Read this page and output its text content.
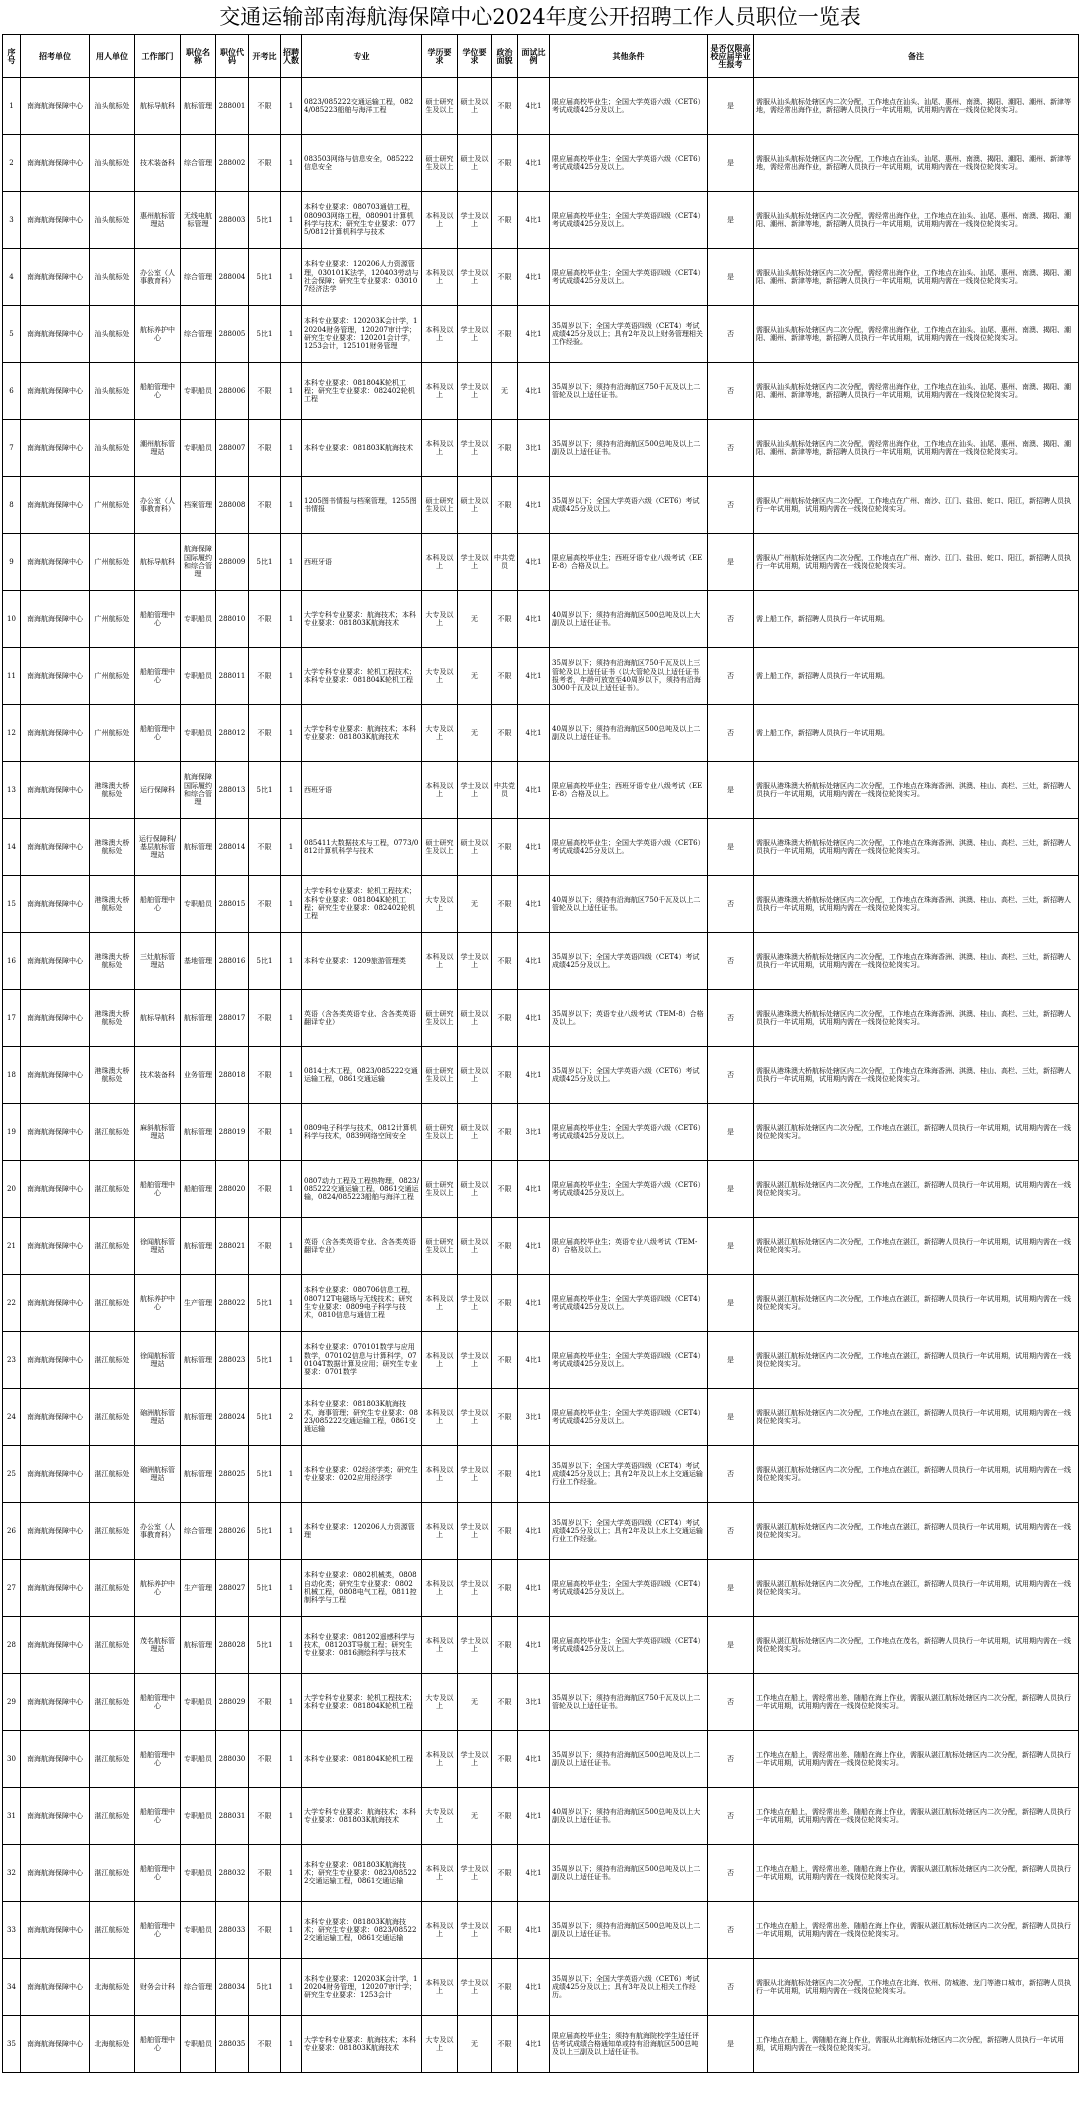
交通运输部南海航海保障中心2024年度公开招聘工作人员职位一览表
序号	招考单位	用人单位	工作部门	职位名称	职位代码	开考比	招聘人数	专业	学历要求	学位要求	政治面貌	面试比例	其他条件	是否仅限高校应届毕业生报考	备注
1	南海航海保障中心	汕头航标处	航标导航科	航标管理	288001	不限	1	0823/085222交通运输工程，0824/085223船舶与海洋工程	硕士研究生及以上	硕士及以上	不限	4比1	限应届高校毕业生；全国大学英语六级（CET6）考试成绩425分及以上。	是	需服从汕头航标处辖区内二次分配，工作地点在汕头、汕尾、惠州、南澳、揭阳、潮阳、潮州、新津等地，需经常出海作业，新招聘人员执行一年试用期，试用期内需在一线岗位轮岗实习。
2	南海航海保障中心	汕头航标处	技术装备科	综合管理	288002	不限	1	083503网络与信息安全，085222信息安全	硕士研究生及以上	硕士及以上	不限	4比1	限应届高校毕业生；全国大学英语六级（CET6）考试成绩425分及以上。	是	需服从汕头航标处辖区内二次分配，工作地点在汕头、汕尾、惠州、南澳、揭阳、潮阳、潮州、新津等地，需经常出海作业，新招聘人员执行一年试用期，试用期内需在一线岗位轮岗实习。
3	南海航海保障中心	汕头航标处	惠州航标管理站	无线电航标管理	288003	5比1	1	本科专业要求：080703通信工程，080903网络工程，080901计算机科学与技术；研究生专业要求：0775/0812计算机科学与技术	本科及以上	学士及以上	不限	4比1	限应届高校毕业生；全国大学英语四级（CET4）考试成绩425分及以上。	是	需服从汕头航标处辖区内二次分配，需经常出海作业，工作地点在汕头、汕尾、惠州、南澳、揭阳、潮阳、潮州、新津等地，新招聘人员执行一年试用期，试用期内需在一线岗位轮岗实习。
4	南海航海保障中心	汕头航标处	办公室（人事教育科）	综合管理	288004	5比1	1	本科专业要求：120206人力资源管理，030101K法学，120403劳动与社会保障；研究生专业要求：030107经济法学	本科及以上	学士及以上	不限	4比1	限应届高校毕业生；全国大学英语四级（CET4）考试成绩425分及以上。	是	需服从汕头航标处辖区内二次分配，需经常出海作业，工作地点在汕头、汕尾、惠州、南澳、揭阳、潮阳、潮州、新津等地，新招聘人员执行一年试用期，试用期内需在一线岗位轮岗实习。
5	南海航海保障中心	汕头航标处	航标养护中心	综合管理	288005	5比1	1	本科专业要求：120203K会计学，120204财务管理，120207审计学；研究生专业要求：120201会计学，1253会计，125101财务管理	本科及以上	学士及以上	不限	4比1	35周岁以下；全国大学英语四级（CET4）考试成绩425分及以上；具有2年及以上财务管理相关工作经验。	否	需服从汕头航标处辖区内二次分配，需经常出海作业，工作地点在汕头、汕尾、惠州、南澳、揭阳、潮阳、潮州、新津等地，新招聘人员执行一年试用期，试用期内需在一线岗位轮岗实习。
6	南海航海保障中心	汕头航标处	船舶管理中心	专职船员	288006	不限	1	本科专业要求：081804K轮机工程；研究生专业要求：082402轮机工程	本科及以上	学士及以上	无	4比1	35周岁以下；须持有沿海航区750千瓦及以上二管轮及以上适任证书。	否	需服从汕头航标处辖区内二次分配，需经常出海作业，工作地点在汕头、汕尾、惠州、南澳、揭阳、潮阳、潮州、新津等地，新招聘人员执行一年试用期，试用期内需在一线岗位轮岗实习。
7	南海航海保障中心	汕头航标处	潮州航标管理站	专职船员	288007	不限	1	本科专业要求：081803K航海技术	本科及以上	学士及以上	不限	3比1	35周岁以下；须持有沿海航区500总吨及以上二副及以上适任证书。	否	需服从汕头航标处辖区内二次分配，需经常出海作业，工作地点在汕头、汕尾、惠州、南澳、揭阳、潮阳、潮州、新津等地，新招聘人员执行一年试用期，试用期内需在一线岗位轮岗实习。
8	南海航海保障中心	广州航标处	办公室（人事教育科）	档案管理	288008	不限	1	1205图书情报与档案管理，1255图书情报	硕士研究生及以上	硕士及以上	不限	4比1	35周岁以下；全国大学英语六级（CET6）考试成绩425分及以上。	否	需服从广州航标处辖区内二次分配，工作地点在广州、南沙、江门、盐田、蛇口、阳江，新招聘人员执行一年试用期，试用期内需在一线岗位轮岗实习。
9	南海航海保障中心	广州航标处	航标导航科	航海保障国际履约和综合管理	288009	5比1	1	西班牙语	本科及以上	学士及以上	中共党员	4比1	限应届高校毕业生；西班牙语专业八级考试（EEE-8）合格及以上。	是	需服从广州航标处辖区内二次分配，工作地点在广州、南沙、江门、盐田、蛇口、阳江，新招聘人员执行一年试用期，试用期内需在一线岗位轮岗实习。
10	南海航海保障中心	广州航标处	船舶管理中心	专职船员	288010	不限	1	大学专科专业要求：航海技术；本科专业要求：081803K航海技术	大专及以上	无	不限	4比1	40周岁以下；须持有沿海航区500总吨及以上大副及以上适任证书。	否	需上船工作，新招聘人员执行一年试用期。
11	南海航海保障中心	广州航标处	船舶管理中心	专职船员	288011	不限	1	大学专科专业要求：轮机工程技术；本科专业要求：081804K轮机工程	大专及以上	无	不限	4比1	35周岁以下；须持有沿海航区750千瓦及以上三管轮及以上适任证书（以大管轮及以上适任证书报考者，年龄可放宽至40周岁以下，须持有沿海3000千瓦及以上适任证书）。	否	需上船工作，新招聘人员执行一年试用期。
12	南海航海保障中心	广州航标处	船舶管理中心	专职船员	288012	不限	1	大学专科专业要求：航海技术；本科专业要求：081803K航海技术	大专及以上	无	不限	4比1	40周岁以下；须持有沿海航区500总吨及以上二副及以上适任证书。	否	需上船工作，新招聘人员执行一年试用期。
13	南海航海保障中心	港珠澳大桥航标处	运行保障科	航海保障国际履约和综合管理	288013	5比1	1	西班牙语	本科及以上	学士及以上	中共党员	4比1	限应届高校毕业生；西班牙语专业八级考试（EEE-8）合格及以上。	是	需服从港珠澳大桥航标处辖区内二次分配，工作地点在珠海香洲、淇澳、桂山、高栏、三灶，新招聘人员执行一年试用期，试用期内需在一线岗位轮岗实习。
14	南海航海保障中心	港珠澳大桥航标处	运行保障科/基层航标管理站	航标管理	288014	不限	1	085411大数据技术与工程，0773/0812计算机科学与技术	硕士研究生及以上	硕士及以上	不限	4比1	限应届高校毕业生；全国大学英语六级（CET6）考试成绩425分及以上。	是	需服从港珠澳大桥航标处辖区内二次分配，工作地点在珠海香洲、淇澳、桂山、高栏、三灶，新招聘人员执行一年试用期，试用期内需在一线岗位轮岗实习。
15	南海航海保障中心	港珠澳大桥航标处	船舶管理中心	专职船员	288015	不限	1	大学专科专业要求：轮机工程技术；本科专业要求：081804K轮机工程；研究生专业要求：082402轮机工程	大专及以上	无	不限	4比1	40周岁以下；须持有沿海航区750千瓦及以上二管轮及以上适任证书。	否	需服从港珠澳大桥航标处辖区内二次分配，工作地点在珠海香洲、淇澳、桂山、高栏、三灶，新招聘人员执行一年试用期，试用期内需在一线岗位轮岗实习。
16	南海航海保障中心	港珠澳大桥航标处	三灶航标管理站	基地管理	288016	5比1	1	本科专业要求：1209旅游管理类	本科及以上	学士及以上	不限	4比1	35周岁以下；全国大学英语四级（CET4）考试成绩425分及以上。	否	需服从港珠澳大桥航标处辖区内二次分配，工作地点在珠海香洲、淇澳、桂山、高栏、三灶，新招聘人员执行一年试用期，试用期内需在一线岗位轮岗实习。
17	南海航海保障中心	港珠澳大桥航标处	航标导航科	航标管理	288017	不限	1	英语（含各类英语专业、含各类英语翻译专业）	硕士研究生及以上	硕士及以上	不限	4比1	35周岁以下；英语专业八级考试（TEM-8）合格及以上。	否	需服从港珠澳大桥航标处辖区内二次分配，工作地点在珠海香洲、淇澳、桂山、高栏、三灶，新招聘人员执行一年试用期，试用期内需在一线岗位轮岗实习。
18	南海航海保障中心	港珠澳大桥航标处	技术装备科	业务管理	288018	不限	1	0814土木工程，0823/085222交通运输工程，0861交通运输	硕士研究生及以上	硕士及以上	不限	4比1	35周岁以下；全国大学英语六级（CET6）考试成绩425分及以上。	否	需服从港珠澳大桥航标处辖区内二次分配，工作地点在珠海香洲、淇澳、桂山、高栏、三灶，新招聘人员执行一年试用期，试用期内需在一线岗位轮岗实习。
19	南海航海保障中心	湛江航标处	麻斜航标管理站	航标管理	288019	不限	1	0809电子科学与技术，0812计算机科学与技术，0839网络空间安全	硕士研究生及以上	硕士及以上	不限	3比1	限应届高校毕业生；全国大学英语六级（CET6）考试成绩425分及以上。	是	需服从湛江航标处辖区内二次分配，工作地点在湛江，新招聘人员执行一年试用期，试用期内需在一线岗位轮岗实习。
20	南海航海保障中心	湛江航标处	船舶管理中心	船舶管理	288020	不限	1	0807动力工程及工程热物理，0823/085222交通运输工程，0861交通运输，0824/085223船舶与海洋工程	硕士研究生及以上	硕士及以上	不限	4比1	限应届高校毕业生；全国大学英语六级（CET6）考试成绩425分及以上。	是	需服从湛江航标处辖区内二次分配，工作地点在湛江，新招聘人员执行一年试用期，试用期内需在一线岗位轮岗实习。
21	南海航海保障中心	湛江航标处	徐闻航标管理站	航标管理	288021	不限	1	英语（含各类英语专业、含各类英语翻译专业）	硕士研究生及以上	硕士及以上	不限	4比1	限应届高校毕业生；英语专业八级考试（TEM-8）合格及以上。	是	需服从湛江航标处辖区内二次分配，工作地点在湛江，新招聘人员执行一年试用期，试用期内需在一线岗位轮岗实习。
22	南海航海保障中心	湛江航标处	航标养护中心	生产管理	288022	5比1	1	本科专业要求：080706信息工程，080712T电磁场与无线技术；研究生专业要求：0809电子科学与技术，0810信息与通信工程	本科及以上	学士及以上	不限	4比1	限应届高校毕业生；全国大学英语四级（CET4）考试成绩425分及以上。	是	需服从湛江航标处辖区内二次分配，工作地点在湛江，新招聘人员执行一年试用期，试用期内需在一线岗位轮岗实习。
23	南海航海保障中心	湛江航标处	徐闻航标管理站	航标管理	288023	5比1	1	本科专业要求：070101数学与应用数学，070102信息与计算科学，070104T数据计算及应用；研究生专业要求：0701数学	本科及以上	学士及以上	不限	4比1	限应届高校毕业生；全国大学英语四级（CET4）考试成绩425分及以上。	是	需服从湛江航标处辖区内二次分配，工作地点在湛江，新招聘人员执行一年试用期，试用期内需在一线岗位轮岗实习。
24	南海航海保障中心	湛江航标处	硇洲航标管理站	航标管理	288024	5比1	2	本科专业要求：081803K航海技术，海事管理；研究生专业要求：0823/085222交通运输工程，0861交通运输	本科及以上	学士及以上	不限	3比1	限应届高校毕业生；全国大学英语四级（CET4）考试成绩425分及以上。	是	需服从湛江航标处辖区内二次分配，工作地点在湛江，新招聘人员执行一年试用期，试用期内需在一线岗位轮岗实习。
25	南海航海保障中心	湛江航标处	硇洲航标管理站	航标管理	288025	5比1	1	本科专业要求：02经济学类；研究生专业要求：0202应用经济学	本科及以上	学士及以上	不限	4比1	35周岁以下；全国大学英语四级（CET4）考试成绩425分及以上；具有2年及以上水上交通运输行业工作经验。	否	需服从湛江航标处辖区内二次分配，工作地点在湛江，新招聘人员执行一年试用期，试用期内需在一线岗位轮岗实习。
26	南海航海保障中心	湛江航标处	办公室（人事教育科）	综合管理	288026	5比1	1	本科专业要求：120206人力资源管理	本科及以上	学士及以上	不限	4比1	35周岁以下；全国大学英语四级（CET4）考试成绩425分及以上；具有2年及以上水上交通运输行业工作经验。	否	需服从湛江航标处辖区内二次分配，工作地点在湛江，新招聘人员执行一年试用期，试用期内需在一线岗位轮岗实习。
27	南海航海保障中心	湛江航标处	航标养护中心	生产管理	288027	5比1	1	本科专业要求：0802机械类，0808自动化类；研究生专业要求：0802机械工程，0808电气工程，0811控制科学与工程	本科及以上	学士及以上	不限	4比1	限应届高校毕业生；全国大学英语四级（CET4）考试成绩425分及以上。	是	需服从湛江航标处辖区内二次分配，工作地点在湛江，新招聘人员执行一年试用期，试用期内需在一线岗位轮岗实习。
28	南海航海保障中心	湛江航标处	茂名航标管理站	航标管理	288028	5比1	1	本科专业要求：081202遥感科学与技术，081203T导航工程；研究生专业要求：0816测绘科学与技术	本科及以上	学士及以上	不限	4比1	限应届高校毕业生；全国大学英语四级（CET4）考试成绩425分及以上。	是	需服从湛江航标处辖区内二次分配，工作地点在茂名，新招聘人员执行一年试用期，试用期内需在一线岗位轮岗实习。
29	南海航海保障中心	湛江航标处	船舶管理中心	专职船员	288029	不限	1	大学专科专业要求：轮机工程技术；本科专业要求：081804K轮机工程	大专及以上	无	不限	3比1	35周岁以下；须持有沿海航区750千瓦及以上二管轮及以上适任证书。	否	工作地点在船上，需经常出差、随船在海上作业，需服从湛江航标处辖区内二次分配，新招聘人员执行一年试用期，试用期内需在一线岗位轮岗实习。
30	南海航海保障中心	湛江航标处	船舶管理中心	专职船员	288030	不限	1	本科专业要求：081804K轮机工程	本科及以上	学士及以上	不限	4比1	35周岁以下；须持有沿海航区500总吨及以上二副及以上适任证书。	否	工作地点在船上，需经常出差、随船在海上作业，需服从湛江航标处辖区内二次分配，新招聘人员执行一年试用期，试用期内需在一线岗位轮岗实习。
31	南海航海保障中心	湛江航标处	船舶管理中心	专职船员	288031	不限	1	大学专科专业要求：航海技术；本科专业要求：081803K航海技术	大专及以上	无	不限	4比1	40周岁以下；须持有沿海航区500总吨及以上大副及以上适任证书。	否	工作地点在船上，需经常出差、随船在海上作业，需服从湛江航标处辖区内二次分配，新招聘人员执行一年试用期，试用期内需在一线岗位轮岗实习。
32	南海航海保障中心	湛江航标处	船舶管理中心	专职船员	288032	不限	1	本科专业要求：081803K航海技术；研究生专业要求：0823/085222交通运输工程，0861交通运输	本科及以上	学士及以上	不限	4比1	35周岁以下；须持有沿海航区500总吨及以上二副及以上适任证书。	否	工作地点在船上，需经常出差、随船在海上作业，需服从湛江航标处辖区内二次分配，新招聘人员执行一年试用期，试用期内需在一线岗位轮岗实习。
33	南海航海保障中心	湛江航标处	船舶管理中心	专职船员	288033	不限	1	本科专业要求：081803K航海技术；研究生专业要求：0823/085222交通运输工程，0861交通运输	本科及以上	学士及以上	不限	4比1	35周岁以下；须持有沿海航区500总吨及以上二副及以上适任证书。	否	工作地点在船上，需经常出差、随船在海上作业，需服从湛江航标处辖区内二次分配，新招聘人员执行一年试用期，试用期内需在一线岗位轮岗实习。
34	南海航海保障中心	北海航标处	财务会计科	综合管理	288034	5比1	1	本科专业要求：120203K会计学，120204财务管理，120207审计学；研究生专业要求：1253会计	本科及以上	学士及以上	不限	4比1	35周岁以下；全国大学英语六级（CET6）考试成绩425分及以上；具有3年及以上相关工作经历。	否	需服从北海航标处辖区内二次分配，工作地点在北海、钦州、防城港、龙门等港口城市，新招聘人员执行一年试用期，试用期内需在一线岗位轮岗实习。
35	南海航海保障中心	北海航标处	船舶管理中心	专职船员	288035	不限	1	大学专科专业要求：航海技术；本科专业要求：081803K航海技术	大专及以上	无	不限	4比1	限应届高校毕业生；须持有航海院校学生适任评估考试成绩合格通知单或持有沿海航区500总吨及以上三副及以上适任证书。	是	工作地点在船上，需随船在海上作业，需服从北海航标处辖区内二次分配，新招聘人员执行一年试用期，试用期内需在一线岗位轮岗实习。
